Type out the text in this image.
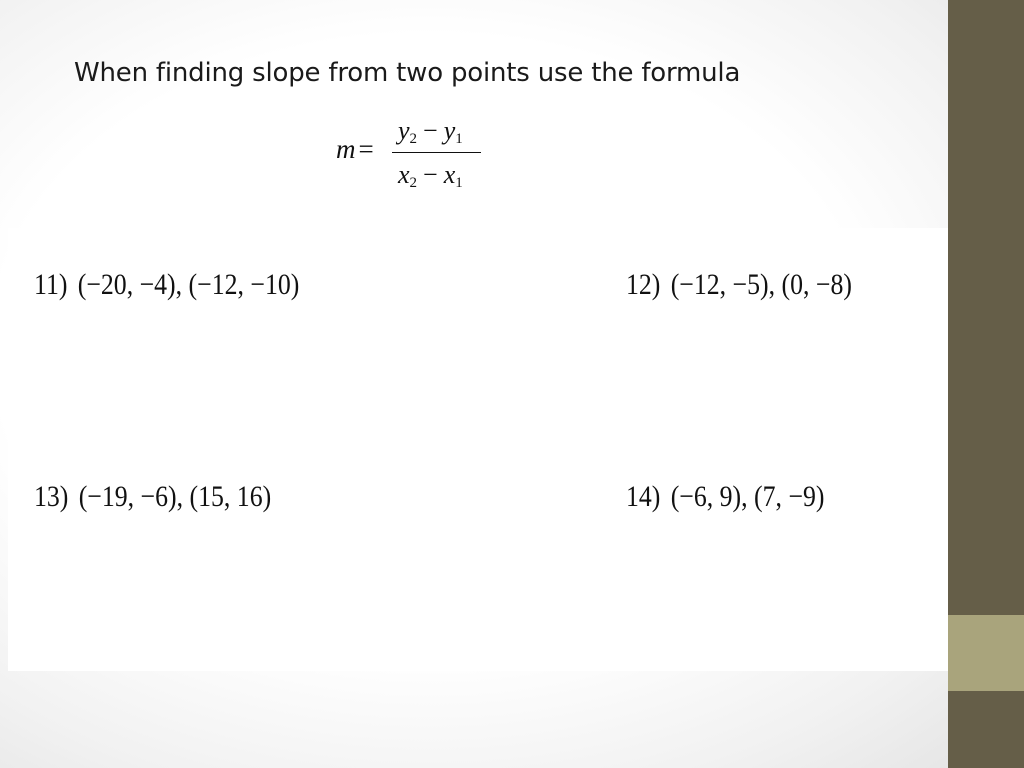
When finding slope from two points use the formula
m =
$y_2 - y_1$
$x_2 - x_1$
11) (−20, −4), (−12, −10)	12) (−12, −5), (0, −8)
13) (−19, −6), (15, 16)	14) (−6, 9), (7, −9)
